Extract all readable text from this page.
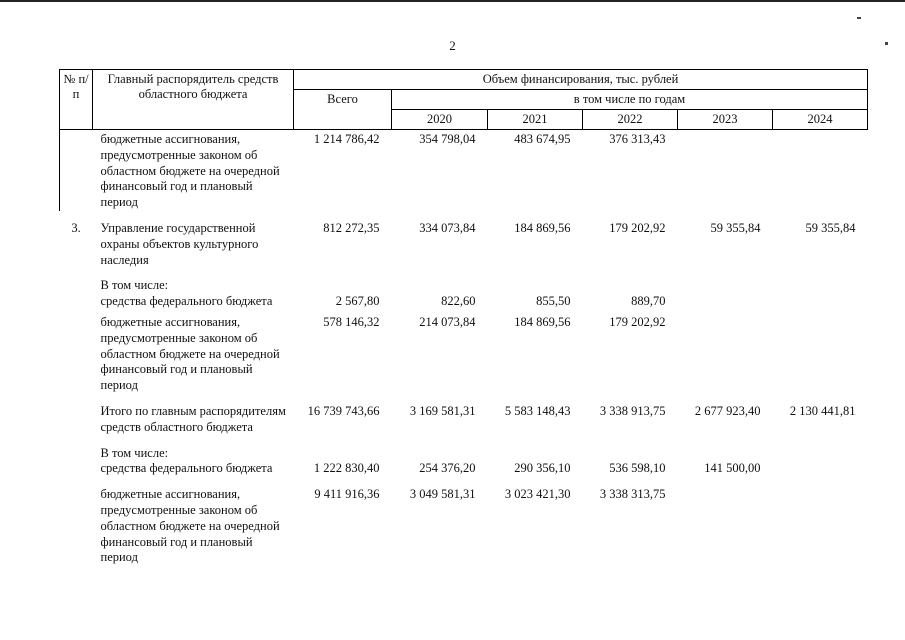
2
№ п/п	Главный распорядитель средств областного бюджета	Объем финансирования, тыс. рублей					
		Всего	в том числе по годам				
			2020	2021	2022	2023	2024
	бюджетные ассигнования, предусмотренные законом об областном бюджете на очередной финансовый год и плановый период	1 214 786,42	354 798,04	483 674,95	376 313,43		
3.	Управление государственной охраны объектов культурного наследия	812 272,35	334 073,84	184 869,56	179 202,92	59 355,84	59 355,84
	В том числе:						
	средства федерального бюджета	2 567,80	822,60	855,50	889,70		
	бюджетные ассигнования, предусмотренные законом об областном бюджете на очередной финансовый год и плановый период	578 146,32	214 073,84	184 869,56	179 202,92		
	Итого по главным распорядителям средств областного бюджета	16 739 743,66	3 169 581,31	5 583 148,43	3 338 913,75	2 677 923,40	2 130 441,81
	В том числе:						
	средства федерального бюджета	1 222 830,40	254 376,20	290 356,10	536 598,10	141 500,00	
	бюджетные ассигнования, предусмотренные законом об областном бюджете на очередной финансовый год и плановый период	9 411 916,36	3 049 581,31	3 023 421,30	3 338 313,75		
